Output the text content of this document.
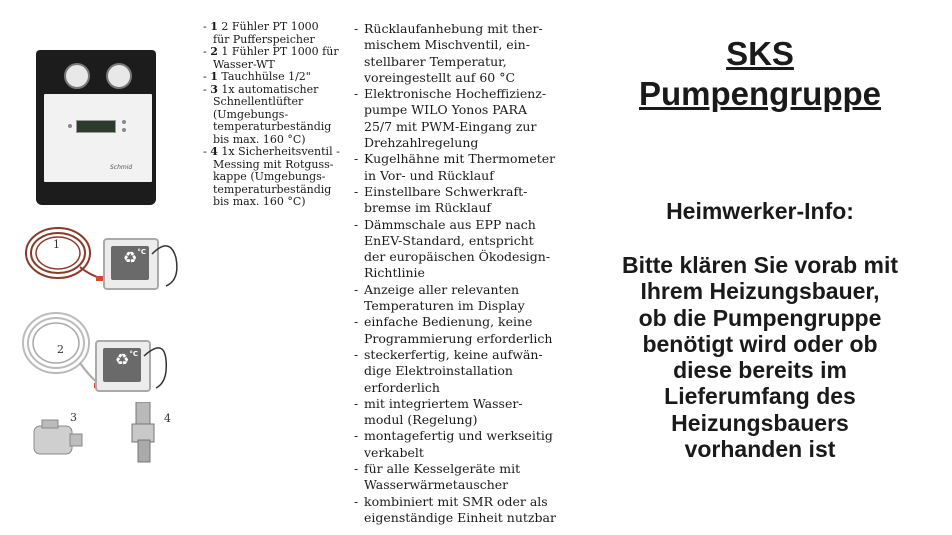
Schmid
1
♻ °C
2
♻ °C
3	4
- 1 2 Fühler PT 1000
für Pufferspeicher
- 2 1 Fühler PT 1000 für
Wasser-WT
- 1 Tauchhülse 1/2"
- 3 1x automatischer
Schnellentlüfter
(Umgebungs-
temperaturbeständig
bis max. 160 °C)
- 4 1x Sicherheitsventil -
Messing mit Rotguss-
kappe (Umgebungs-
temperaturbeständig
bis max. 160 °C)
- Rücklaufanhebung mit ther-
mischem Mischventil, ein-
stellbarer Temperatur,
voreingestellt auf 60 °C
- Elektronische Hocheffizienz-
pumpe WILO Yonos PARA
25/7 mit PWM-Eingang zur
Drehzahlregelung
- Kugelhähne mit Thermometer
in Vor- und Rücklauf
- Einstellbare Schwerkraft-
bremse im Rücklauf
- Dämmschale aus EPP nach
EnEV-Standard, entspricht
der europäischen Ökodesign-
Richtlinie
- Anzeige aller relevanten
Temperaturen im Display
- einfache Bedienung, keine
Programmierung erforderlich
- steckerfertig, keine aufwän-
dige Elektroinstallation
erforderlich
- mit integriertem Wasser-
modul (Regelung)
- montagefertig und werkseitig
verkabelt
- für alle Kesselgeräte mit
Wasserwärmetauscher
- kombiniert mit SMR oder als
eigenständige Einheit nutzbar
SKS
Pumpengruppe
Heimwerker-Info:
Bitte klären Sie vorab mit
Ihrem Heizungsbauer,
ob die Pumpengruppe
benötigt wird oder ob
diese bereits im
Lieferumfang des
Heizungsbauers
vorhanden ist
